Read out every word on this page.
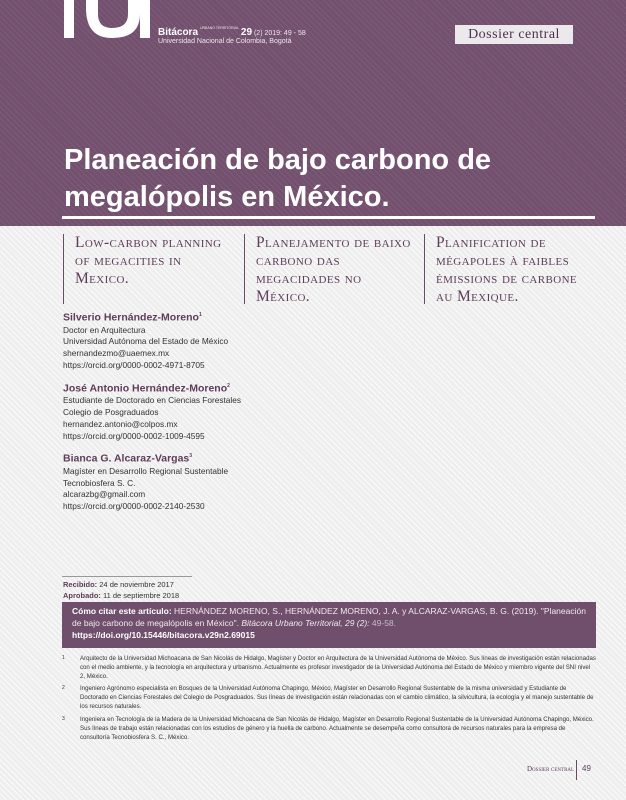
Bitácora $^{URBANO TERRITORIAL}$ 29 (2) 2019: 49 - 58
Universidad Nacional de Colombia, Bogotá	Dossier central
Planeación de bajo carbono de megalópolis en México.
Low-carbon planning of megacities in Mexico.
Planejamento de baixo carbono das megacidades no México.
Planification de mégapoles à faibles émissions de carbone au Mexique.
Silverio Hernández-Moreno$^1$
Doctor en Arquitectura
Universidad Autónoma del Estado de México
shernandezmo@uaemex.mx
https://orcid.org/0000-0002-4971-8705
José Antonio Hernández-Moreno$^2$
Estudiante de Doctorado en Ciencias Forestales
Colegio de Posgraduados
hernandez.antonio@colpos.mx
https://orcid.org/0000-0002-1009-4595
Bianca G. Alcaraz-Vargas$^3$
Magíster en Desarrollo Regional Sustentable
Tecnobiosfera S. C.
alcarazbg@gmail.com
https://orcid.org/0000-0002-2140-2530
Recibido: 24 de noviembre 2017
Aprobado: 11 de septiembre 2018
Cómo citar este artículo: HERNÁNDEZ MORENO, S., HERNÁNDEZ MORENO, J. A. y ALCARAZ-VARGAS, B. G. (2019). "Planeación de bajo carbono de megalópolis en México". Bitácora Urbano Territorial, 29 (2): 49-58.
https://doi.org/10.15446/bitacora.v29n2.69015
1 Arquitecto de la Universidad Michoacana de San Nicolás de Hidalgo, Magíster y Doctor en Arquitectura de la Universidad Autónoma de México. Sus líneas de investigación están relacionadas con el medio ambiente, y la tecnología en arquitectura y urbanismo. Actualmente es profesor investigador de la Universidad Autónoma del Estado de México y miembro vigente del SNI nivel 2, México.
2 Ingeniero Agrónomo especialista en Bosques de la Universidad Autónoma Chapingo, México, Magíster en Desarrollo Regional Sustentable de la misma universidad y Estudiante de Doctorado en Ciencias Forestales del Colegio de Posgraduados. Sus líneas de investigación están relacionadas con el cambio climático, la silvicultura, la ecología y el manejo sustentable de los recursos naturales.
3 Ingeniera en Tecnología de la Madera de la Universidad Michoacana de San Nicolás de Hidalgo, Magíster en Desarrollo Regional Sustentable de la Universidad Autónoma Chapingo, México. Sus líneas de trabajo están relacionadas con los estudios de género y la huella de carbono. Actualmente se desempeña como consultora de recursos naturales para la empresa de consultoría Tecnobiosfera S. C., México.
Dossier central 49
